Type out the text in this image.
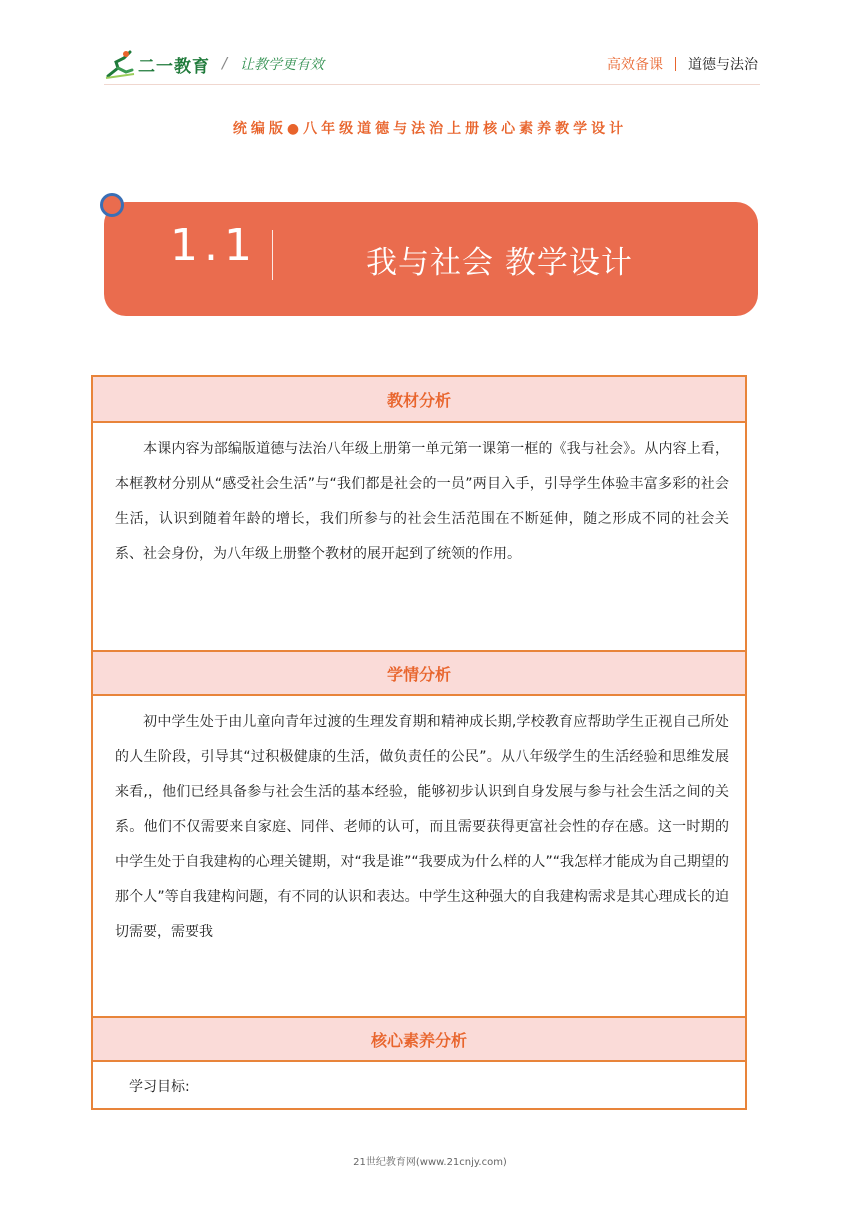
二一教育 / 让教学更有效	高效备课 道德与法治
统编版●八年级道德与法治上册核心素养教学设计
1.1	我与社会 教学设计
教材分析
本课内容为部编版道德与法治八年级上册第一单元第一课第一框的《我与社会》。从内容上看，本框教材分别从“感受社会生活”与“我们都是社会的一员”两目入手，引导学生体验丰富多彩的社会生活，认识到随着年龄的增长，我们所参与的社会生活范围在不断延伸，随之形成不同的社会关系、社会身份，为八年级上册整个教材的展开起到了统领的作用。
学情分析
初中学生处于由儿童向青年过渡的生理发育期和精神成长期,学校教育应帮助学生正视自己所处的人生阶段，引导其“过积极健康的生活，做负责任的公民”。从八年级学生的生活经验和思维发展来看,，他们已经具备参与社会生活的基本经验，能够初步认识到自身发展与参与社会生活之间的关系。他们不仅需要来自家庭、同伴、老师的认可，而且需要获得更富社会性的存在感。这一时期的中学生处于自我建构的心理关键期，对“我是谁”“我要成为什么样的人”“我怎样才能成为自己期望的那个人”等自我建构问题，有不同的认识和表达。中学生这种强大的自我建构需求是其心理成长的迫切需要，需要我
核心素养分析
学习目标:
21世纪教育网(www.21cnjy.com)
